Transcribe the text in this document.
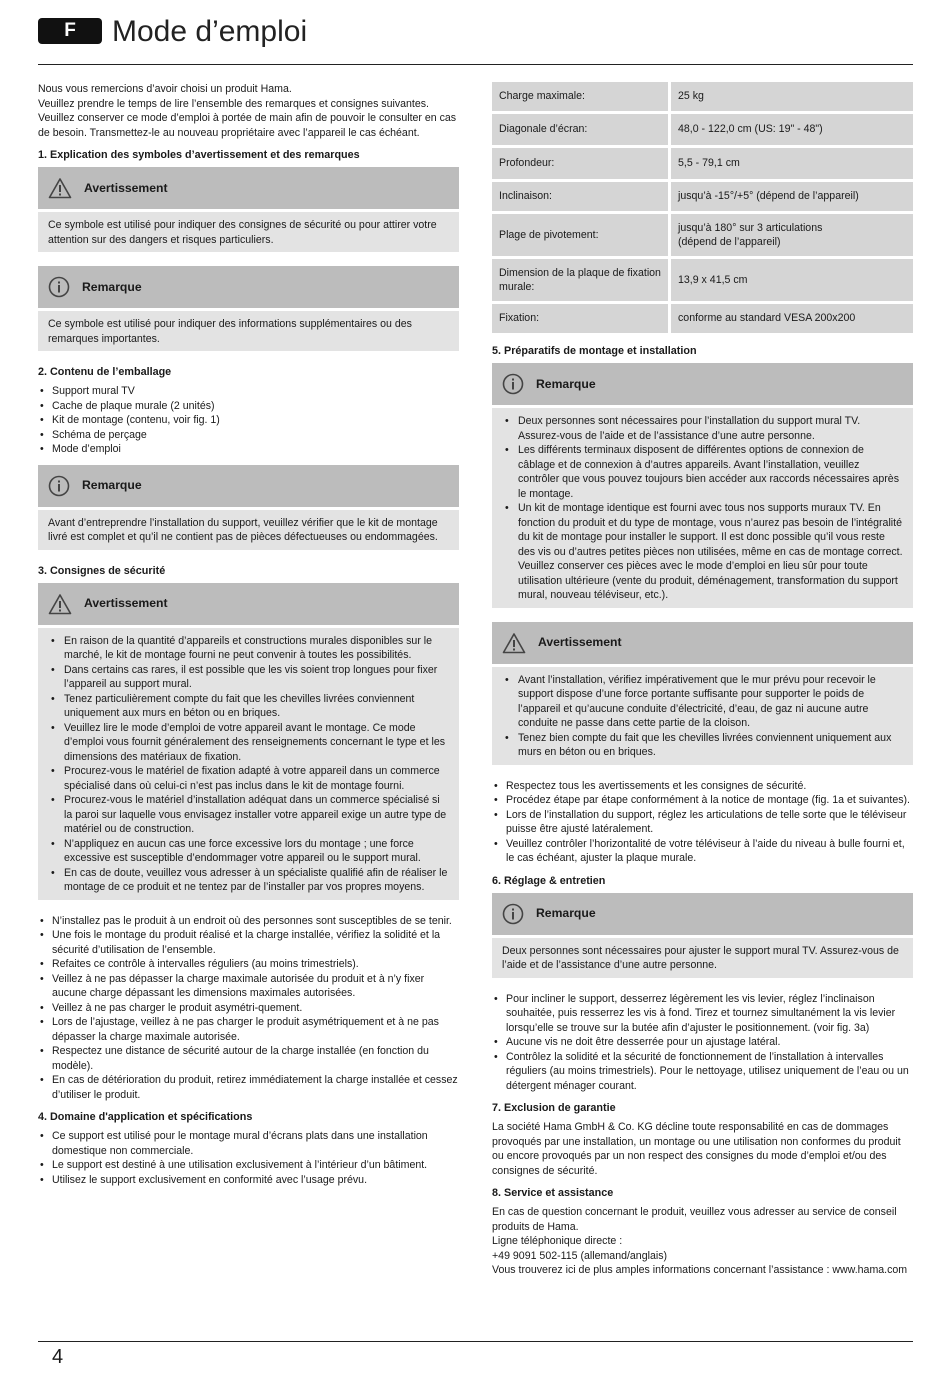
F	Mode d’emploi

Nous vous remercions d’avoir choisi un produit Hama.

Veuillez prendre le temps de lire l’ensemble des remarques et consignes suivantes. Veuillez conserver ce mode d’emploi à portée de main afin de pouvoir le consulter en cas de besoin. Transmettez-le au nouveau propriétaire avec l’appareil le cas échéant.

1. Explication des symboles d’avertissement et des remarques
Avertissement

Ce symbole est utilisé pour indiquer des consignes de sécurité ou pour attirer votre attention sur des dangers et risques particuliers.

Remarque

Ce symbole est utilisé pour indiquer des informations supplémentaires ou des remarques importantes.

2. Contenu de l’emballage
• Support mural TV
• Cache de plaque murale (2 unités)
• Kit de montage (contenu, voir fig. 1)
• Schéma de perçage
• Mode d’emploi
Remarque

Avant d’entreprendre l’installation du support, veuillez vérifier que le kit de montage livré est complet et qu’il ne contient pas de pièces défectueuses ou endommagées.

3. Consignes de sécurité
Avertissement
• En raison de la quantité d’appareils et constructions murales disponibles sur le marché, le kit de montage fourni ne peut convenir à toutes les possibilités.
• Dans certains cas rares, il est possible que les vis soient trop longues pour fixer l’appareil au support mural.
• Tenez particulièrement compte du fait que les chevilles livrées conviennent uniquement aux murs en béton ou en briques.
• Veuillez lire le mode d’emploi de votre appareil avant le montage. Ce mode d’emploi vous fournit généralement des renseignements concernant le type et les dimensions des matériaux de fixation.
• Procurez-vous le matériel de fixation adapté à votre appareil dans un commerce spécialisé dans où celui-ci n’est pas inclus dans le kit de montage fourni.
• Procurez-vous le matériel d’installation adéquat dans un commerce spécialisé si la paroi sur laquelle vous envisagez installer votre appareil exige un autre type de matériel ou de construction.
• N’appliquez en aucun cas une force excessive lors du montage ; une force excessive est susceptible d’endommager votre appareil ou le support mural.
• En cas de doute, veuillez vous adresser à un spécialiste qualifié afin de réaliser le montage de ce produit et ne tentez par de l’installer par vos propres moyens.
• N’installez pas le produit à un endroit où des personnes sont susceptibles de se tenir.
• Une fois le montage du produit réalisé et la charge installée, vérifiez la solidité et la sécurité d’utilisation de l’ensemble.
• Refaites ce contrôle à intervalles réguliers (au moins trimestriels).
• Veillez à ne pas dépasser la charge maximale autorisée du produit et à n’y fixer aucune charge dépassant les dimensions maximales autorisées.
• Veillez à ne pas charger le produit asymétri-quement.
• Lors de l’ajustage, veillez à ne pas charger le produit asymétriquement et à ne pas dépasser la charge maximale autorisée.
• Respectez une distance de sécurité autour de la charge installée (en fonction du modèle).
• En cas de détérioration du produit, retirez immédiatement la charge installée et cessez d’utiliser le produit.
4. Domaine d'application et spécifications
• Ce support est utilisé pour le montage mural d’écrans plats dans une installation domestique non commerciale.
• Le support est destiné à une utilisation exclusivement à l’intérieur d’un bâtiment.
• Utilisez le support exclusivement en conformité avec l’usage prévu.
Charge maximale:	25 kg
Diagonale d’écran:	48,0 - 122,0 cm (US: 19" - 48")
Profondeur:	5,5 - 79,1 cm
Inclinaison:	jusqu’à -15°/+5° (dépend de l’appareil)
Plage de pivotement:	jusqu’à 180° sur 3 articulations
(dépend de l’appareil)

Dimension de la plaque de fixation murale:	13,9 x 41,5 cm
Fixation:	conforme au standard VESA 200x200
5. Préparatifs de montage et installation
Remarque
• Deux personnes sont nécessaires pour l’installation du support mural TV. Assurez-vous de l’aide et de l’assistance d’une autre personne.
• Les différents terminaux disposent de différentes options de connexion de câblage et de connexion à d’autres appareils. Avant l’installation, veuillez contrôler que vous pouvez toujours bien accéder aux raccords nécessaires après le montage.
• Un kit de montage identique est fourni avec tous nos supports muraux TV. En fonction du produit et du type de montage, vous n’aurez pas besoin de l’intégralité du kit de montage pour installer le support. Il est donc possible qu’il vous reste des vis ou d’autres petites pièces non utilisées, même en cas de montage correct. Veuillez conserver ces pièces avec le mode d’emploi en lieu sûr pour toute utilisation ultérieure (vente du produit, déménagement, transformation du support mural, nouveau téléviseur, etc.).
Avertissement
• Avant l’installation, vérifiez impérativement que le mur prévu pour recevoir le support dispose d’une force portante suffisante pour supporter le poids de l’appareil et qu’aucune conduite d’électricité, d’eau, de gaz ni aucune autre conduite ne passe dans cette partie de la cloison.
• Tenez bien compte du fait que les chevilles livrées conviennent uniquement aux murs en béton ou en briques.
• Respectez tous les avertissements et les consignes de sécurité.
• Procédez étape par étape conformément à la notice de montage (fig. 1a et suivantes).
• Lors de l’installation du support, réglez les articulations de telle sorte que le téléviseur puisse être ajusté latéralement.
• Veuillez contrôler l’horizontalité de votre téléviseur à l’aide du niveau à bulle fourni et, le cas échéant, ajuster la plaque murale.
6. Réglage & entretien
Remarque

Deux personnes sont nécessaires pour ajuster le support mural TV. Assurez-vous de l’aide et de l’assistance d’une autre personne.

• Pour incliner le support, desserrez légèrement les vis levier, réglez l’inclinaison souhaitée, puis resserrez les vis à fond. Tirez et tournez simultanément la vis levier lorsqu’elle se trouve sur la butée afin d’ajuster le positionnement. (voir fig. 3a)
• Aucune vis ne doit être desserrée pour un ajustage latéral.
• Contrôlez la solidité et la sécurité de fonctionnement de l’installation à intervalles réguliers (au moins trimestriels). Pour le nettoyage, utilisez uniquement de l’eau ou un détergent ménager courant.
7. Exclusion de garantie

La société Hama GmbH & Co. KG décline toute responsabilité en cas de dommages provoqués par une installation, un montage ou une utilisation non conformes du produit ou encore provoqués par un non respect des consignes du mode d’emploi et/ou des consignes de sécurité.

8. Service et assistance

En cas de question concernant le produit, veuillez vous adresser au service de conseil produits de Hama.

Ligne téléphonique directe :

+49 9091 502-115 (allemand/anglais)

Vous trouverez ici de plus amples informations concernant l’assistance : www.hama.com

4
